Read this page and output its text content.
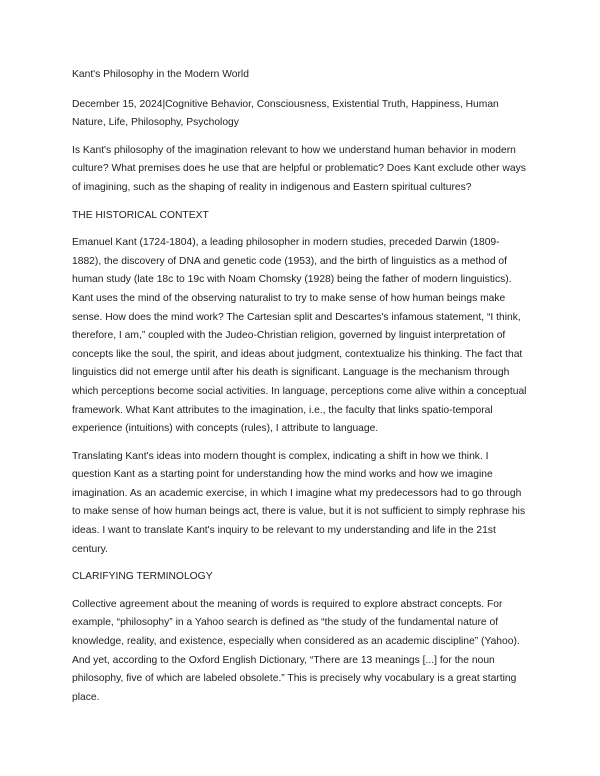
Kant's Philosophy in the Modern World

December 15, 2024|Cognitive Behavior, Consciousness, Existential Truth, Happiness, Human Nature, Life, Philosophy, Psychology

Is Kant's philosophy of the imagination relevant to how we understand human behavior in modern culture? What premises does he use that are helpful or problematic? Does Kant exclude other ways of imagining, such as the shaping of reality in indigenous and Eastern spiritual cultures?

THE HISTORICAL CONTEXT

Emanuel Kant (1724-1804), a leading philosopher in modern studies, preceded Darwin (1809-1882), the discovery of DNA and genetic code (1953), and the birth of linguistics as a method of human study (late 18c to 19c with Noam Chomsky (1928) being the father of modern linguistics). Kant uses the mind of the observing naturalist to try to make sense of how human beings make sense. How does the mind work? The Cartesian split and Descartes's infamous statement, “I think, therefore, I am,” coupled with the Judeo-Christian religion, governed by linguist interpretation of concepts like the soul, the spirit, and ideas about judgment, contextualize his thinking. The fact that linguistics did not emerge until after his death is significant. Language is the mechanism through which perceptions become social activities. In language, perceptions come alive within a conceptual framework. What Kant attributes to the imagination, i.e., the faculty that links spatio-temporal experience (intuitions) with concepts (rules), I attribute to language.

Translating Kant's ideas into modern thought is complex, indicating a shift in how we think. I question Kant as a starting point for understanding how the mind works and how we imagine imagination. As an academic exercise, in which I imagine what my predecessors had to go through to make sense of how human beings act, there is value, but it is not sufficient to simply rephrase his ideas. I want to translate Kant's inquiry to be relevant to my understanding and life in the 21st century.

CLARIFYING TERMINOLOGY

Collective agreement about the meaning of words is required to explore abstract concepts. For example, “philosophy” in a Yahoo search is defined as “the study of the fundamental nature of knowledge, reality, and existence, especially when considered as an academic discipline” (Yahoo). And yet, according to the Oxford English Dictionary, “There are 13 meanings [...] for the noun philosophy, five of which are labeled obsolete.” This is precisely why vocabulary is a great starting place.
